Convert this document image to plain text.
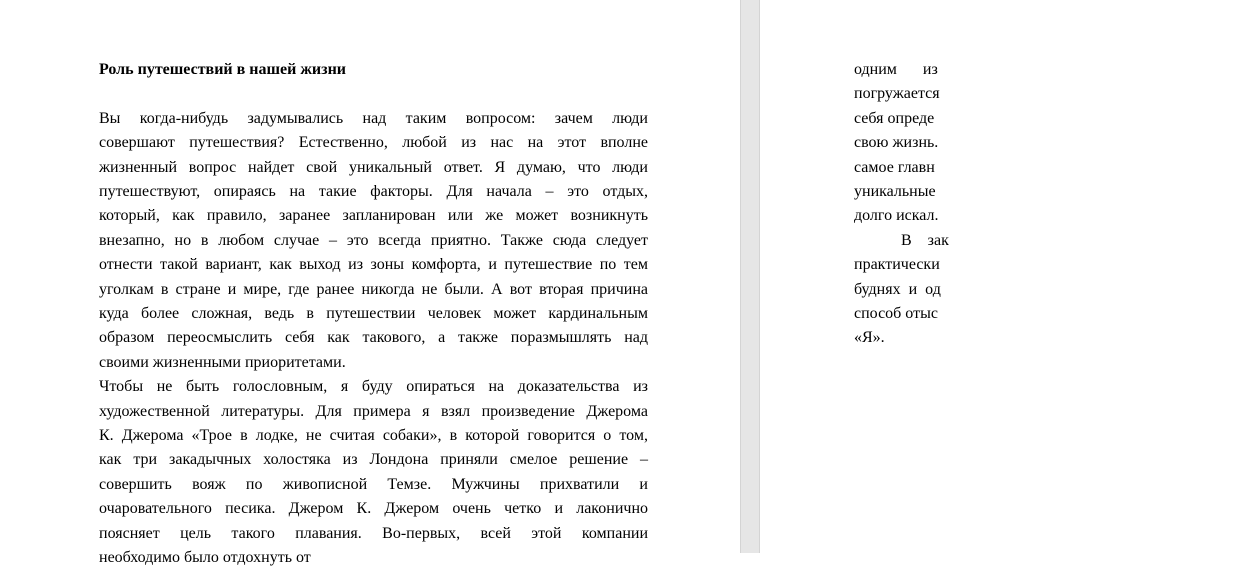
Роль путешествий в нашей жизни
Вы когда-нибудь задумывались над таким вопросом: зачем люди
совершают путешествия? Естественно, любой из нас на этот вполне
жизненный вопрос найдет свой уникальный ответ. Я думаю, что люди
путешествуют, опираясь на такие факторы. Для начала – это отдых,
который, как правило, заранее запланирован или же может возникнуть
внезапно, но в любом случае – это всегда приятно. Также сюда следует
отнести такой вариант, как выход из зоны комфорта, и путешествие по тем
уголкам в стране и мире, где ранее никогда не были. А вот вторая причина
куда более сложная, ведь в путешествии человек может кардинальным
образом переосмыслить себя как такового, а также поразмышлять над
своими жизненными приоритетами.
Чтобы не быть голословным, я буду опираться на доказательства из
художественной литературы. Для примера я взял произведение Джерома
К. Джерома «Трое в лодке, не считая собаки», в которой говорится о том,
как три закадычных холостяка из Лондона приняли смелое решение –
совершить вояж по живописной Темзе. Мужчины прихватили и
очаровательного песика. Джером К. Джером очень четко и лаконично
поясняет цель такого плавания. Во-первых, всей этой компании
необходимо было отдохнуть от
одним из
погружается
себя опреде
свою жизнь.
самое главн
уникальные
долго искал.
В зак
практически
буднях и од
способ отыс
«Я».
